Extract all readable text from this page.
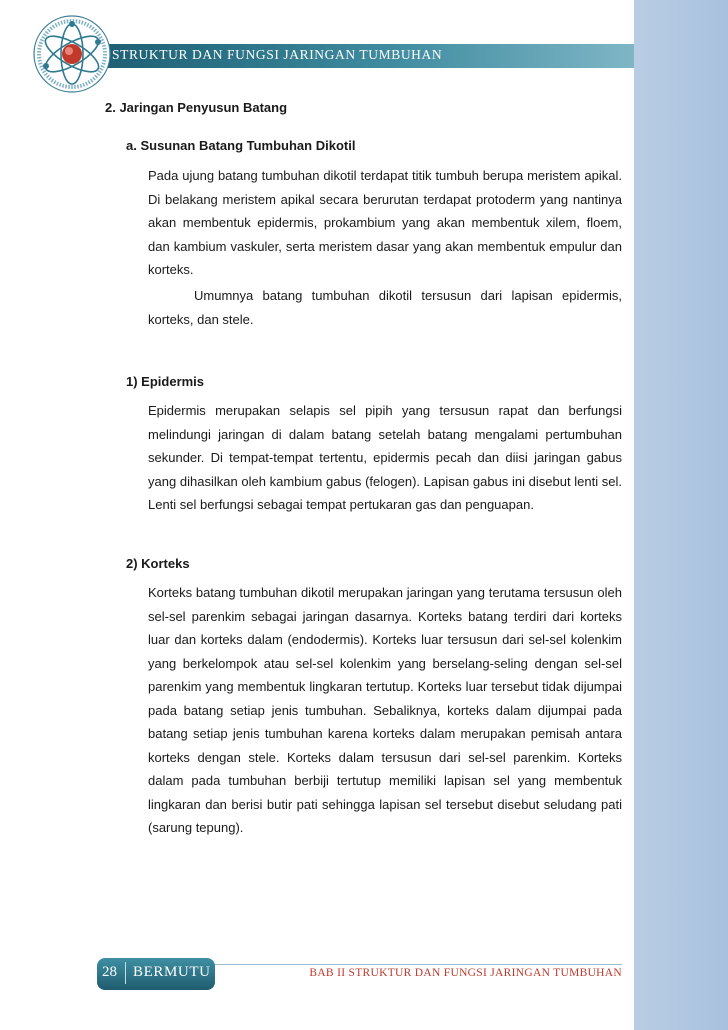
STRUKTUR DAN FUNGSI JARINGAN TUMBUHAN
2. Jaringan Penyusun Batang
a. Susunan Batang Tumbuhan Dikotil
Pada ujung batang tumbuhan dikotil terdapat titik tumbuh berupa meristem apikal. Di belakang meristem apikal secara berurutan terdapat protoderm yang nantinya akan membentuk epidermis, prokambium yang akan membentuk xilem, floem, dan kambium vaskuler, serta meristem dasar yang akan membentuk empulur dan korteks.
Umumnya batang tumbuhan dikotil tersusun dari lapisan epidermis, korteks, dan stele.
1) Epidermis
Epidermis merupakan selapis sel pipih yang tersusun rapat dan berfungsi melindungi jaringan di dalam batang setelah batang mengalami pertumbuhan sekunder. Di tempat-tempat tertentu, epidermis pecah dan diisi jaringan gabus yang dihasilkan oleh kambium gabus (felogen). Lapisan gabus ini disebut lenti sel. Lenti sel berfungsi sebagai tempat pertukaran gas dan penguapan.
2) Korteks
Korteks batang tumbuhan dikotil merupakan jaringan yang terutama tersusun oleh sel-sel parenkim sebagai jaringan dasarnya. Korteks batang terdiri dari korteks luar dan korteks dalam (endodermis). Korteks luar tersusun dari sel-sel kolenkim yang berkelompok atau sel-sel kolenkim yang berselang-seling dengan sel-sel parenkim yang membentuk lingkaran tertutup. Korteks luar tersebut tidak dijumpai pada batang setiap jenis tumbuhan. Sebaliknya, korteks dalam dijumpai pada batang setiap jenis tumbuhan karena korteks dalam merupakan pemisah antara korteks dengan stele. Korteks dalam tersusun dari sel-sel parenkim. Korteks dalam pada tumbuhan berbiji tertutup memiliki lapisan sel yang membentuk lingkaran dan berisi butir pati sehingga lapisan sel tersebut disebut seludang pati (sarung tepung).
28 BERMUTU	BAB II STRUKTUR DAN FUNGSI JARINGAN TUMBUHAN
